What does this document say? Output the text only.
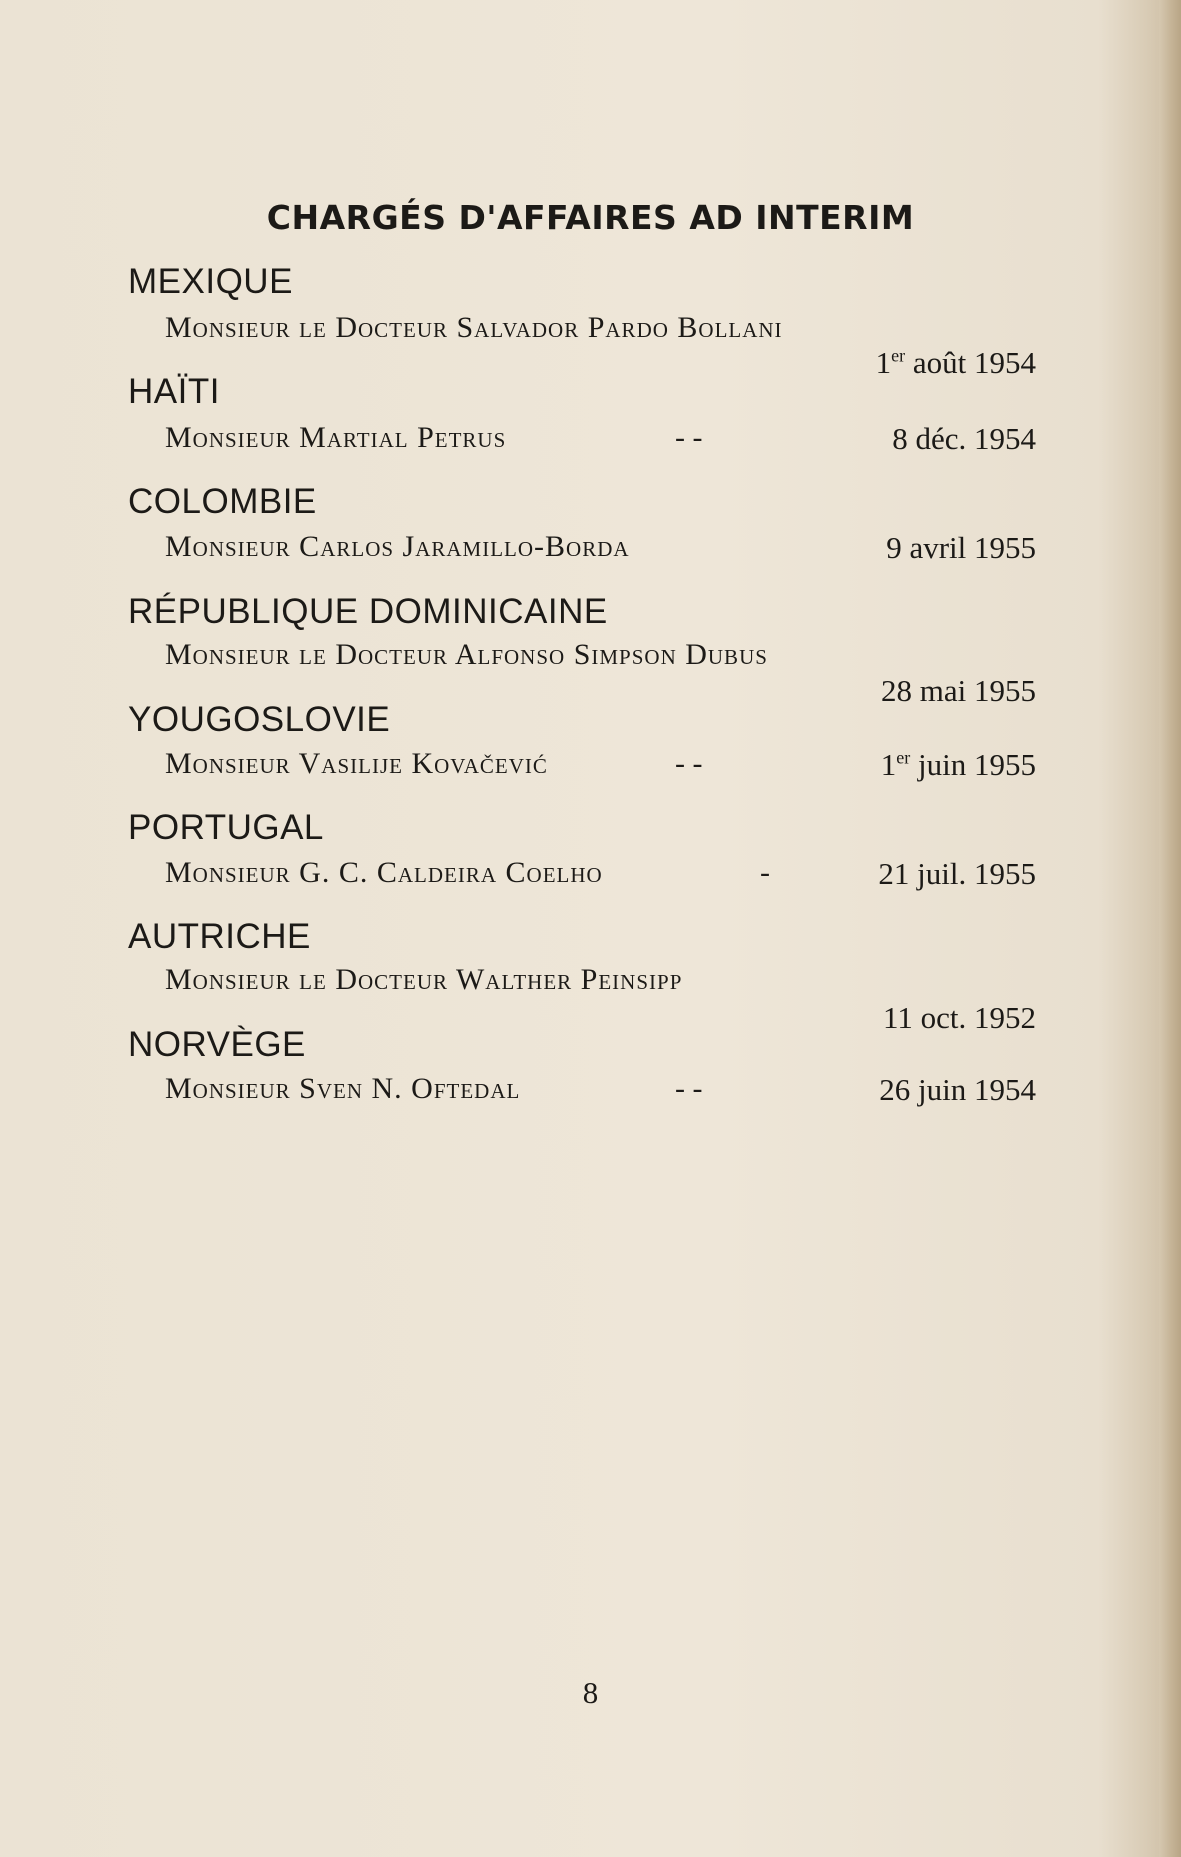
CHARGÉS D'AFFAIRES AD INTERIM
MEXIQUE
Monsieur le Docteur Salvador Pardo Bollanı
1er août 1954
HAÏTI
Monsieur Martial Petrus	- -	8 déc. 1954
COLOMBIE
Monsieur Carlos Jaramillo-Borda	9 avril 1955
RÉPUBLIQUE DOMINICAINE
Monsieur le Docteur Alfonso Simpson Dubus
28 mai 1955
YOUGOSLOVIE
Monsieur Vasilije Kovačević	- -	1er juin 1955
PORTUGAL
Monsieur G. C. Caldeira Coelho	-	21 juil. 1955
AUTRICHE
Monsieur le Docteur Walther Peinsipp
11 oct. 1952
NORVÈGE
Monsieur Sven N. Oftedal	- -	26 juin 1954
8
